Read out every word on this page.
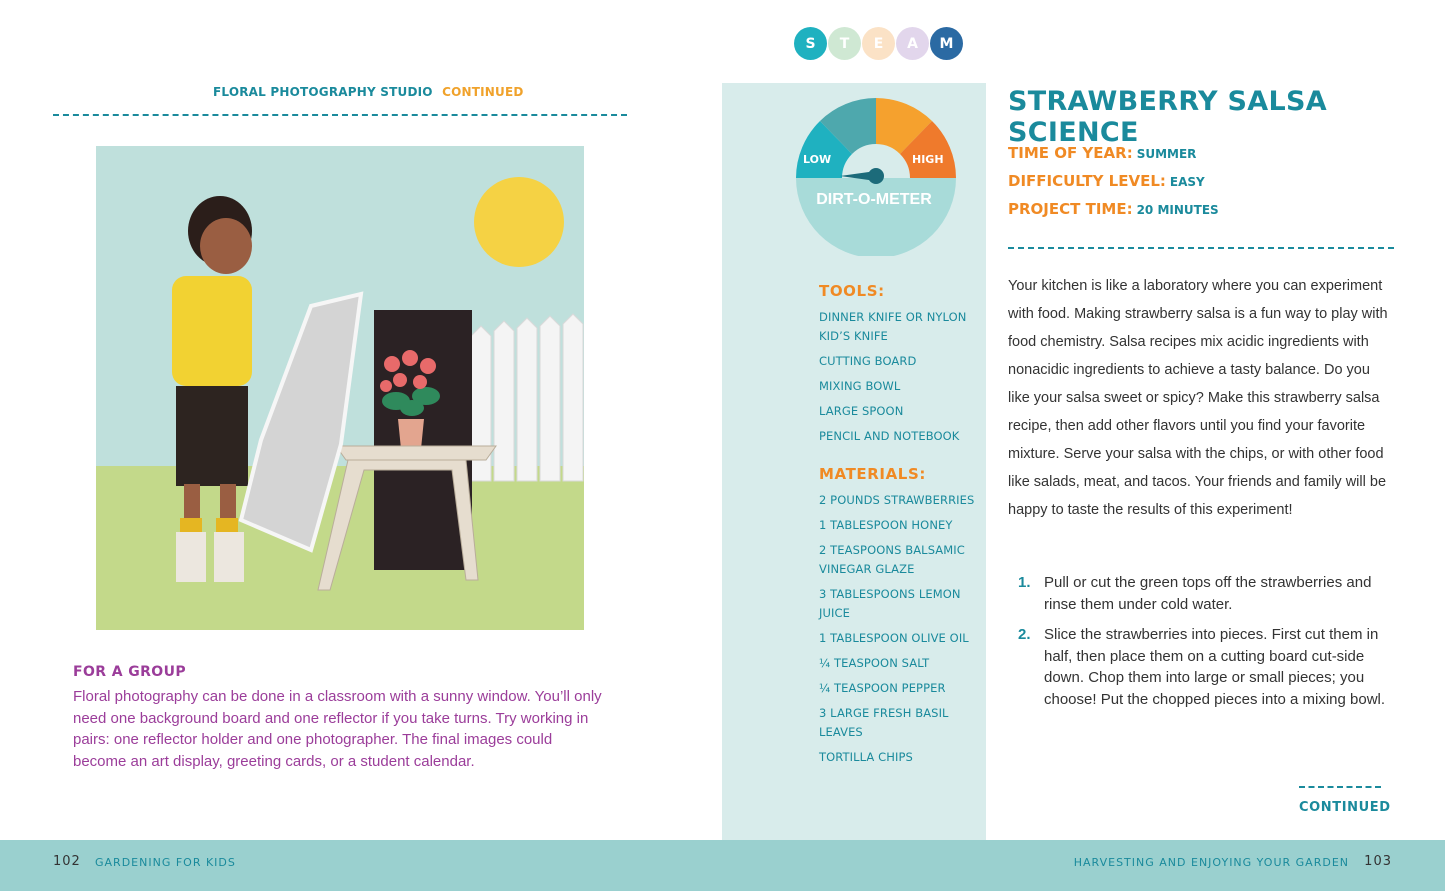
FLORAL PHOTOGRAPHY STUDIO CONTINUED
FOR A GROUP
Floral photography can be done in a classroom with a sunny window. You’ll only need one background board and one reflector if you take turns. Try working in pairs: one reflector holder and one photographer. The final images could become an art display, greeting cards, or a student calendar.
S	T	E	A	M
LOW	HIGH
DIRT-O-METER
TOOLS:
DINNER KNIFE OR NYLON KID’S KNIFE
CUTTING BOARD
MIXING BOWL
LARGE SPOON
PENCIL AND NOTEBOOK
MATERIALS:
2 POUNDS STRAWBERRIES
1 TABLESPOON HONEY
2 TEASPOONS BALSAMIC VINEGAR GLAZE
3 TABLESPOONS LEMON JUICE
1 TABLESPOON OLIVE OIL
¼ TEASPOON SALT
¼ TEASPOON PEPPER
3 LARGE FRESH BASIL LEAVES
TORTILLA CHIPS
STRAWBERRY SALSA SCIENCE
TIME OF YEAR: SUMMER
DIFFICULTY LEVEL: EASY
PROJECT TIME: 20 MINUTES

Your kitchen is like a laboratory where you can experiment with food. Making strawberry salsa is a fun way to play with food chemistry. Salsa recipes mix acidic ingredients with nonacidic ingredients to achieve a tasty balance. Do you like your salsa sweet or spicy? Make this strawberry salsa recipe, then add other flavors until you find your favorite mixture. Serve your salsa with the chips, or with other food like salads, meat, and tacos. Your friends and family will be happy to taste the results of this experiment!

1. Pull or cut the green tops off the strawberries and rinse them under cold water.
2. Slice the strawberries into pieces. First cut them in half, then place them on a cutting board cut-side down. Chop them into large or small pieces; you choose! Put the chopped pieces into a mixing bowl.
CONTINUED
102 GARDENING FOR KIDS	HARVESTING AND ENJOYING YOUR GARDEN 103
